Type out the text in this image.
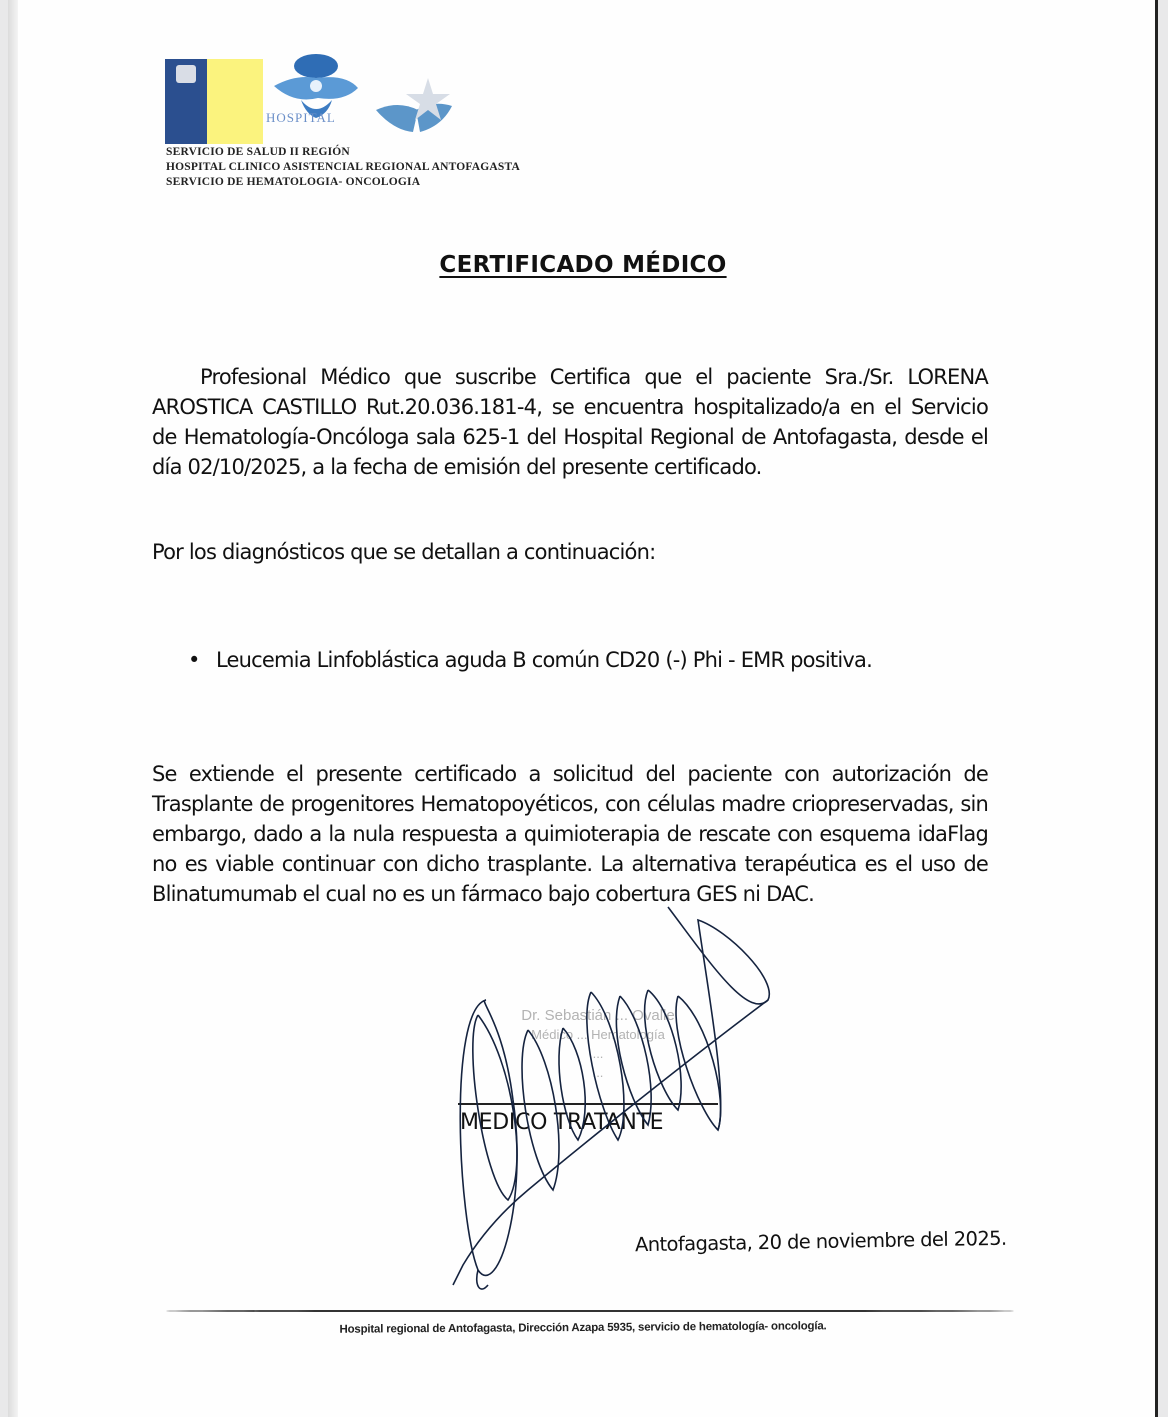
HOSPITAL
SERVICIO DE SALUD II REGIÓN
HOSPITAL CLINICO ASISTENCIAL REGIONAL ANTOFAGASTA
SERVICIO DE HEMATOLOGIA- ONCOLOGIA
CERTIFICADO MÉDICO
Profesional Médico que suscribe Certifica que el paciente Sra./Sr. LORENA AROSTICA CASTILLO Rut.20.036.181-4, se encuentra hospitalizado/a en el Servicio de Hematología-Oncóloga sala 625-1 del Hospital Regional de Antofagasta, desde el día 02/10/2025, a la fecha de emisión del presente certificado.
Por los diagnósticos que se detallan a continuación:
• Leucemia Linfoblástica aguda B común CD20 (-) Phi - EMR positiva.
Se extiende el presente certificado a solicitud del paciente con autorización de Trasplante de progenitores Hematopoyéticos, con células madre criopreservadas, sin embargo, dado a la nula respuesta a quimioterapia de rescate con esquema idaFlag no es viable continuar con dicho trasplante. La alternativa terapéutica es el uso de Blinatumumab el cual no es un fármaco bajo cobertura GES ni DAC.
Dr. Sebastián ... Ovalle
Médico ... Hematología
...
...
MEDICO TRATANTE
Antofagasta, 20 de noviembre del 2025.
Hospital regional de Antofagasta, Dirección Azapa 5935, servicio de hematología- oncología.
